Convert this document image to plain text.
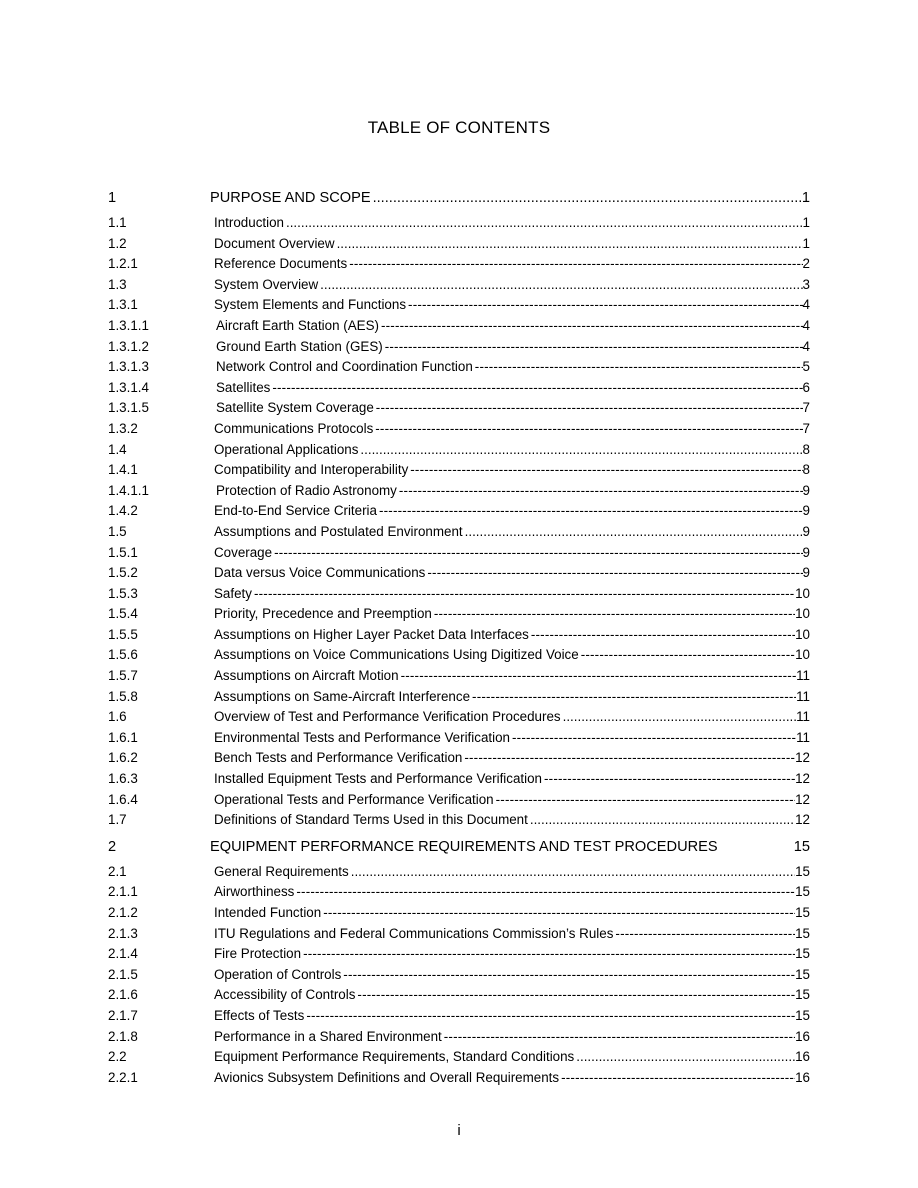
TABLE OF CONTENTS
1	PURPOSE AND SCOPE .....	1
1.1	Introduction .....	1
1.2	Document Overview .....	1
1.2.1	Reference Documents -----	2
1.3	System Overview .....	3
1.3.1	System Elements and Functions -----	4
1.3.1.1	Aircraft Earth Station (AES) -----	4
1.3.1.2	Ground Earth Station (GES) -----	4
1.3.1.3	Network Control and Coordination Function -----	5
1.3.1.4	Satellites -----	6
1.3.1.5	Satellite System Coverage -----	7
1.3.2	Communications Protocols -----	7
1.4	Operational Applications .....	8
1.4.1	Compatibility and Interoperability -----	8
1.4.1.1	Protection of Radio Astronomy -----	9
1.4.2	End-to-End Service Criteria -----	9
1.5	Assumptions and Postulated Environment .....	9
1.5.1	Coverage -----	9
1.5.2	Data versus Voice Communications -----	9
1.5.3	Safety -----	10
1.5.4	Priority, Precedence and Preemption -----	10
1.5.5	Assumptions on Higher Layer Packet Data Interfaces -----	10
1.5.6	Assumptions on Voice Communications Using Digitized Voice -----	10
1.5.7	Assumptions on Aircraft Motion -----	11
1.5.8	Assumptions on Same-Aircraft Interference -----	11
1.6	Overview of Test and Performance Verification Procedures .....	11
1.6.1	Environmental Tests and Performance Verification -----	11
1.6.2	Bench Tests and Performance Verification -----	12
1.6.3	Installed Equipment Tests and Performance Verification -----	12
1.6.4	Operational Tests and Performance Verification -----	12
1.7	Definitions of Standard Terms Used in this Document .....	12
2	EQUIPMENT PERFORMANCE REQUIREMENTS AND TEST PROCEDURES	15
2.1	General Requirements .....	15
2.1.1	Airworthiness -----	15
2.1.2	Intended Function -----	15
2.1.3	ITU Regulations and Federal Communications Commission’s Rules -----	15
2.1.4	Fire Protection -----	15
2.1.5	Operation of Controls -----	15
2.1.6	Accessibility of Controls -----	15
2.1.7	Effects of Tests -----	15
2.1.8	Performance in a Shared Environment -----	16
2.2	Equipment Performance Requirements, Standard Conditions .....	16
2.2.1	Avionics Subsystem Definitions and Overall Requirements -----	16
i
